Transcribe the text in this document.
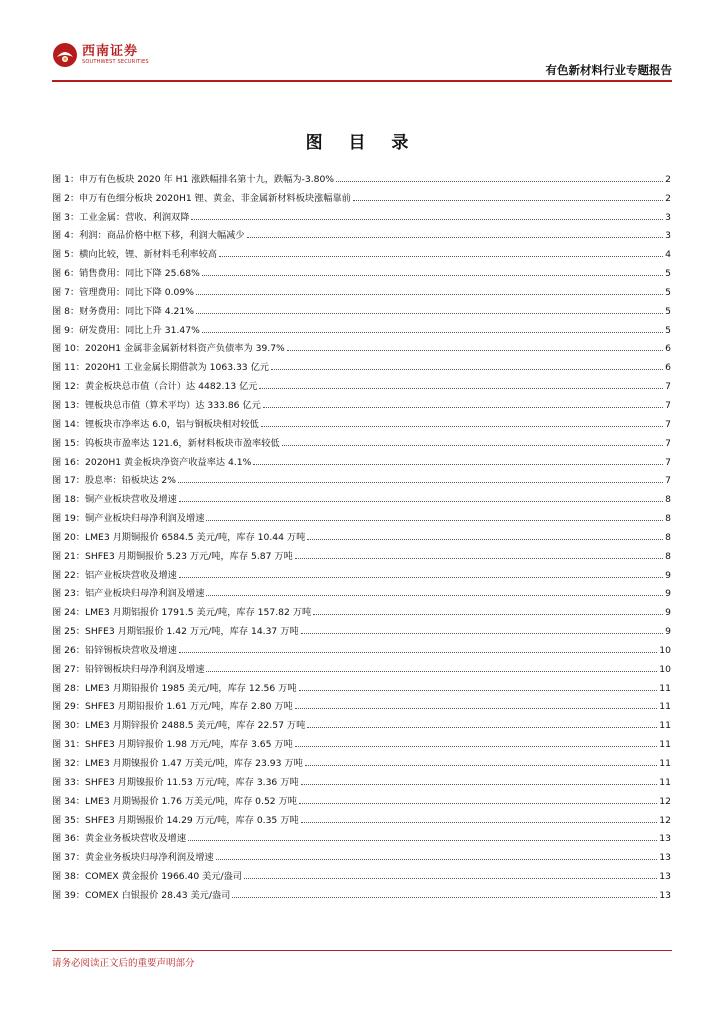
西南证券
SOUTHWEST SECURITIES
有色新材料行业专题报告
图 目 录
图 1： 申万有色板块 2020 年 H1 涨跌幅排名第十九，跌幅为-3.80%	2
图 2： 申万有色细分板块 2020H1 锂、黄金、非金属新材料板块涨幅靠前	2
图 3： 工业金属：营收、利润双降	3
图 4： 利润：商品价格中枢下移，利润大幅减少	3
图 5： 横向比较，锂、新材料毛利率较高	4
图 6： 销售费用：同比下降 25.68%	5
图 7： 管理费用：同比下降 0.09%	5
图 8： 财务费用：同比下降 4.21%	5
图 9： 研发费用：同比上升 31.47%	5
图 10： 2020H1 金属非金属新材料资产负债率为 39.7%	6
图 11： 2020H1 工业金属长期借款为 1063.33 亿元	6
图 12： 黄金板块总市值（合计）达 4482.13 亿元	7
图 13： 锂板块总市值（算术平均）达 333.86 亿元	7
图 14： 锂板块市净率达 6.0，铝与铜板块相对较低	7
图 15： 钨板块市盈率达 121.6，新材料板块市盈率较低	7
图 16： 2020H1 黄金板块净资产收益率达 4.1%	7
图 17： 股息率：铅板块达 2%	7
图 18： 铜产业板块营收及增速	8
图 19： 铜产业板块归母净利润及增速	8
图 20： LME3 月期铜报价 6584.5 美元/吨，库存 10.44 万吨	8
图 21： SHFE3 月期铜报价 5.23 万元/吨，库存 5.87 万吨	8
图 22： 铝产业板块营收及增速	9
图 23： 铝产业板块归母净利润及增速	9
图 24： LME3 月期铝报价 1791.5 美元/吨，库存 157.82 万吨	9
图 25： SHFE3 月期铝报价 1.42 万元/吨，库存 14.37 万吨	9
图 26： 铅锌锡板块营收及增速	10
图 27： 铅锌锡板块归母净利润及增速	10
图 28： LME3 月期铅报价 1985 美元/吨，库存 12.56 万吨	11
图 29： SHFE3 月期铅报价 1.61 万元/吨，库存 2.80 万吨	11
图 30： LME3 月期锌报价 2488.5 美元/吨，库存 22.57 万吨	11
图 31： SHFE3 月期锌报价 1.98 万元/吨，库存 3.65 万吨	11
图 32： LME3 月期镍报价 1.47 万美元/吨，库存 23.93 万吨	11
图 33： SHFE3 月期镍报价 11.53 万元/吨，库存 3.36 万吨	11
图 34： LME3 月期锡报价 1.76 万美元/吨，库存 0.52 万吨	12
图 35： SHFE3 月期锡报价 14.29 万元/吨，库存 0.35 万吨	12
图 36： 黄金业务板块营收及增速	13
图 37： 黄金业务板块归母净利润及增速	13
图 38： COMEX 黄金报价 1966.40 美元/盎司	13
图 39： COMEX 白银报价 28.43 美元/盎司	13
请务必阅读正文后的重要声明部分
